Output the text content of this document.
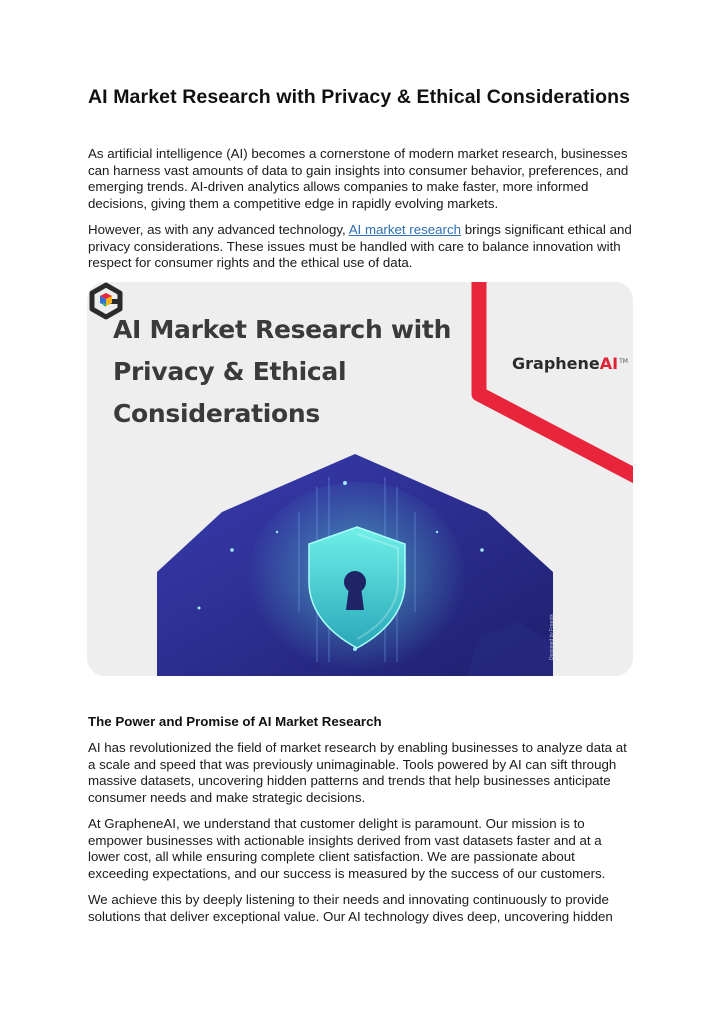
AI Market Research with Privacy & Ethical Considerations

As artificial intelligence (AI) becomes a cornerstone of modern market research, businesses
can harness vast amounts of data to gain insights into consumer behavior, preferences, and
emerging trends. AI-driven analytics allows companies to make faster, more informed
decisions, giving them a competitive edge in rapidly evolving markets.

However, as with any advanced technology, AI market research brings significant ethical and
privacy considerations. These issues must be handled with care to balance innovation with
respect for consumer rights and the ethical use of data.

AI Market Research with
Privacy & Ethical
Considerations
GrapheneAI™
Designed by Freepik
The Power and Promise of AI Market Research

AI has revolutionized the field of market research by enabling businesses to analyze data at
a scale and speed that was previously unimaginable. Tools powered by AI can sift through
massive datasets, uncovering hidden patterns and trends that help businesses anticipate
consumer needs and make strategic decisions.

At GrapheneAI, we understand that customer delight is paramount. Our mission is to
empower businesses with actionable insights derived from vast datasets faster and at a
lower cost, all while ensuring complete client satisfaction. We are passionate about
exceeding expectations, and our success is measured by the success of our customers.

We achieve this by deeply listening to their needs and innovating continuously to provide
solutions that deliver exceptional value. Our AI technology dives deep, uncovering hidden
